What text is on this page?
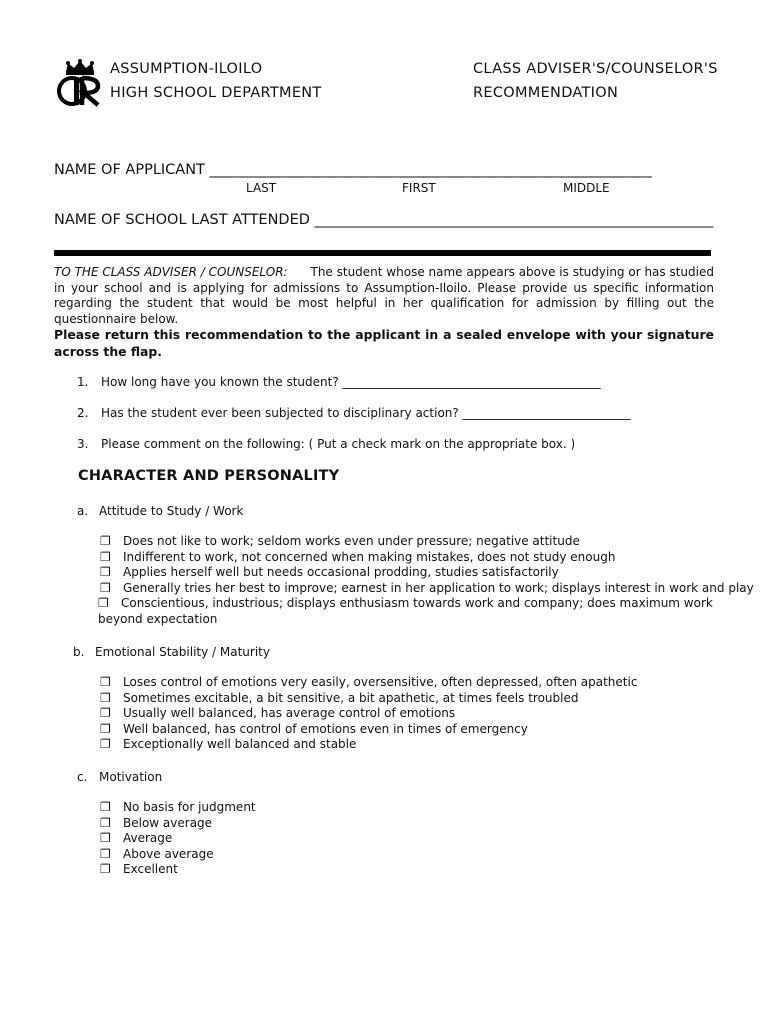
ASSUMPTION-ILOILO
HIGH SCHOOL DEPARTMENT
CLASS ADVISER'S/COUNSELOR'S
RECOMMENDATION
NAME OF APPLICANT _____________________________________________________________
LAST	FIRST	MIDDLE
NAME OF SCHOOL LAST ATTENDED _______________________________________________________
TO THE CLASS ADVISER / COUNSELOR: The student whose name appears above is studying or has studied in your school and is applying for admissions to Assumption-Iloilo. Please provide us specific information regarding the student that would be most helpful in her qualification for admission by filling out the questionnaire below.
Please return this recommendation to the applicant in a sealed envelope with your signature across the flap.
1. How long have you known the student? ___________________________________________
2. Has the student ever been subjected to disciplinary action? ____________________________
3. Please comment on the following: ( Put a check mark on the appropriate box. )
CHARACTER AND PERSONALITY
a. Attitude to Study / Work
❐ Does not like to work; seldom works even under pressure; negative attitude
❐ Indifferent to work, not concerned when making mistakes, does not study enough
❐ Applies herself well but needs occasional prodding, studies satisfactorily
❐ Generally tries her best to improve; earnest in her application to work; displays interest in work and play
❐ Conscientious, industrious; displays enthusiasm towards work and company; does maximum work beyond expectation
b. Emotional Stability / Maturity
❐ Loses control of emotions very easily, oversensitive, often depressed, often apathetic
❐ Sometimes excitable, a bit sensitive, a bit apathetic, at times feels troubled
❐ Usually well balanced, has average control of emotions
❐ Well balanced, has control of emotions even in times of emergency
❐ Exceptionally well balanced and stable
c. Motivation
❐ No basis for judgment
❐ Below average
❐ Average
❐ Above average
❐ Excellent
